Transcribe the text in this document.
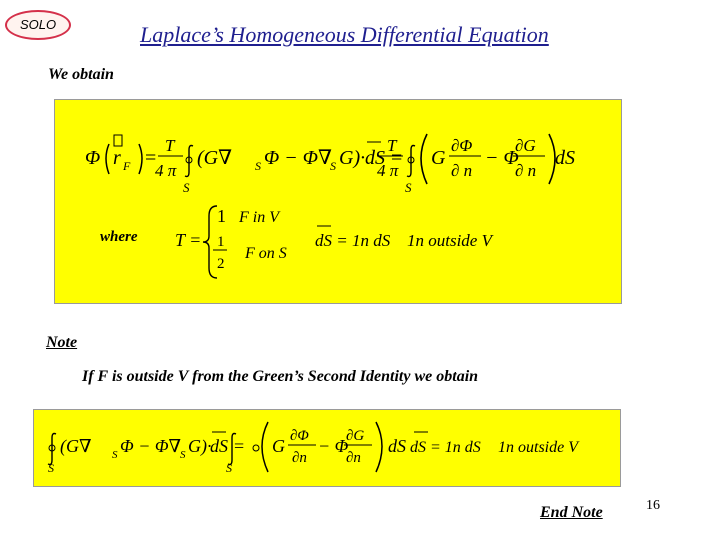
SOLO	Laplace’s Homogeneous Differential Equation
We obtain
Φ r F =
T
4 π
S
(G∇ S Φ − Φ∇
S G)· dS =
T
4 π
S
G
∂Φ
∂ n
− Φ
∂G
∂ n
dS
where T =
1 F in V
1
2
F on S
dS = 1n dS 1n outside V
Note
If F is outside V from the Green’s Second Identity we obtain
S
(G∇ S Φ − Φ∇
S G)·
dS =
S
G ∂Φ
∂n
− Φ
∂G
∂n
dS dS = 1n dS 1n outside V
End Note	16
